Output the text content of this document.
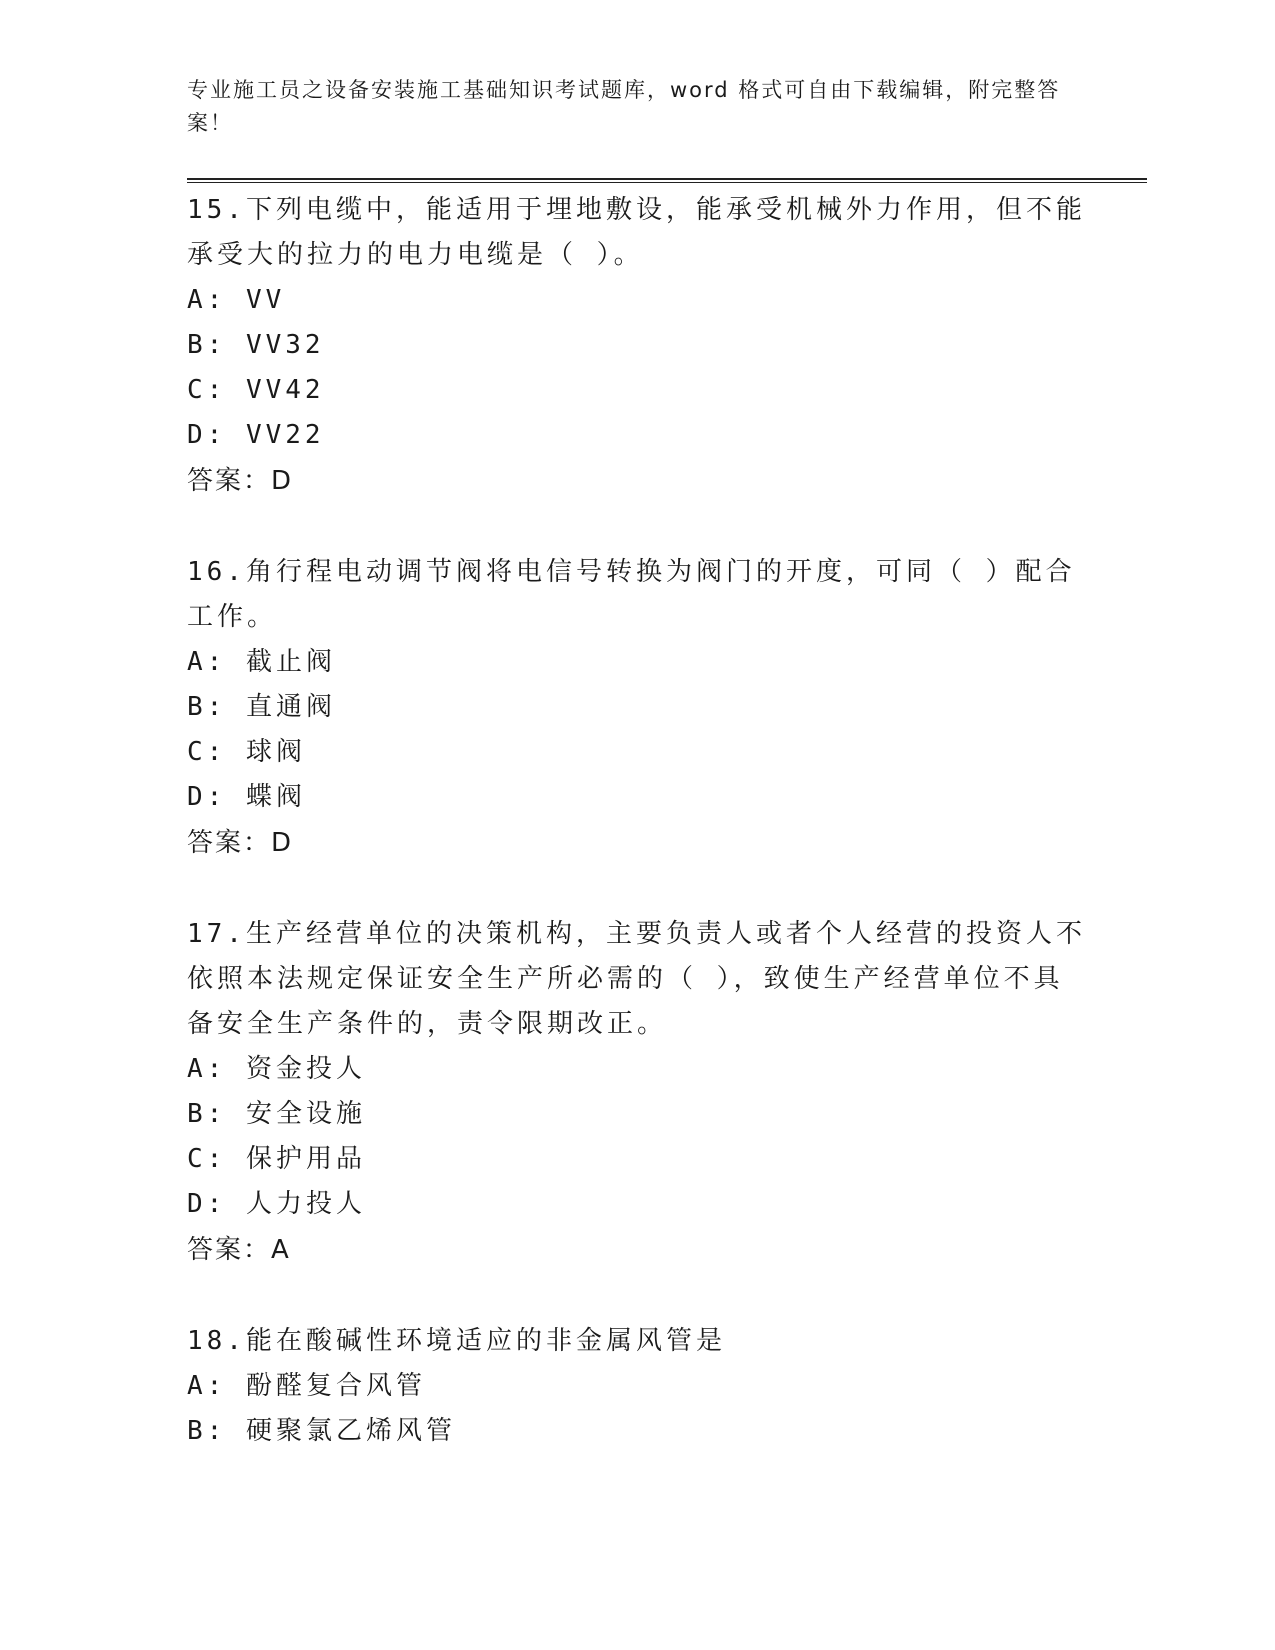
专业施工员之设备安装施工基础知识考试题库，word 格式可自由下载编辑，附完整答案！

15.下列电缆中，能适用于埋地敷设，能承受机械外力作用，但不能承受大的拉力的电力电缆是（ ）。

A: VV
B: VV32
C: VV42
D: VV22
答案：D

16.角行程电动调节阀将电信号转换为阀门的开度，可同（ ）配合工作。

A: 截止阀
B: 直通阀
C: 球阀
D: 蝶阀
答案：D

17.生产经营单位的决策机构，主要负责人或者个人经营的投资人不依照本法规定保证安全生产所必需的（ ），致使生产经营单位不具备安全生产条件的，责令限期改正。

A: 资金投人
B: 安全设施
C: 保护用品
D: 人力投人
答案：A

18.能在酸碱性环境适应的非金属风管是

A: 酚醛复合风管
B: 硬聚氯乙烯风管
